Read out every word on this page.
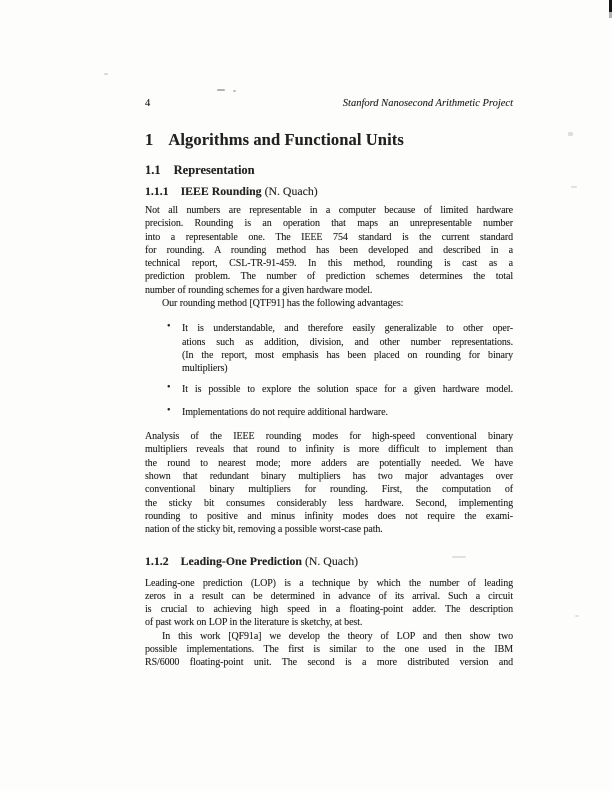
4	Stanford Nanosecond Arithmetic Project
1 Algorithms and Functional Units
1.1 Representation
1.1.1 IEEE Rounding (N. Quach)
Not all numbers are representable in a computer because of limited hardware
precision. Rounding is an operation that maps an unrepresentable number
into a representable one. The IEEE 754 standard is the current standard
for rounding. A rounding method has been developed and described in a
technical report, CSL-TR-91-459. In this method, rounding is cast as a
prediction problem. The number of prediction schemes determines the total
number of rounding schemes for a given hardware model.
Our rounding method [QTF91] has the following advantages:
• It is understandable, and therefore easily generalizable to other oper-
ations such as addition, division, and other number representations.
(In the report, most emphasis has been placed on rounding for binary
multipliers)
• It is possible to explore the solution space for a given hardware model.
• Implementations do not require additional hardware.
Analysis of the IEEE rounding modes for high-speed conventional binary
multipliers reveals that round to infinity is more difficult to implement than
the round to nearest mode; more adders are potentially needed. We have
shown that redundant binary multipliers has two major advantages over
conventional binary multipliers for rounding. First, the computation of
the sticky bit consumes considerably less hardware. Second, implementing
rounding to positive and minus infinity modes does not require the exami-
nation of the sticky bit, removing a possible worst-case path.
1.1.2 Leading-One Prediction (N. Quach)
Leading-one prediction (LOP) is a technique by which the number of leading
zeros in a result can be determined in advance of its arrival. Such a circuit
is crucial to achieving high speed in a floating-point adder. The description
of past work on LOP in the literature is sketchy, at best.
In this work [QF91a] we develop the theory of LOP and then show two
possible implementations. The first is similar to the one used in the IBM
RS/6000 floating-point unit. The second is a more distributed version and
